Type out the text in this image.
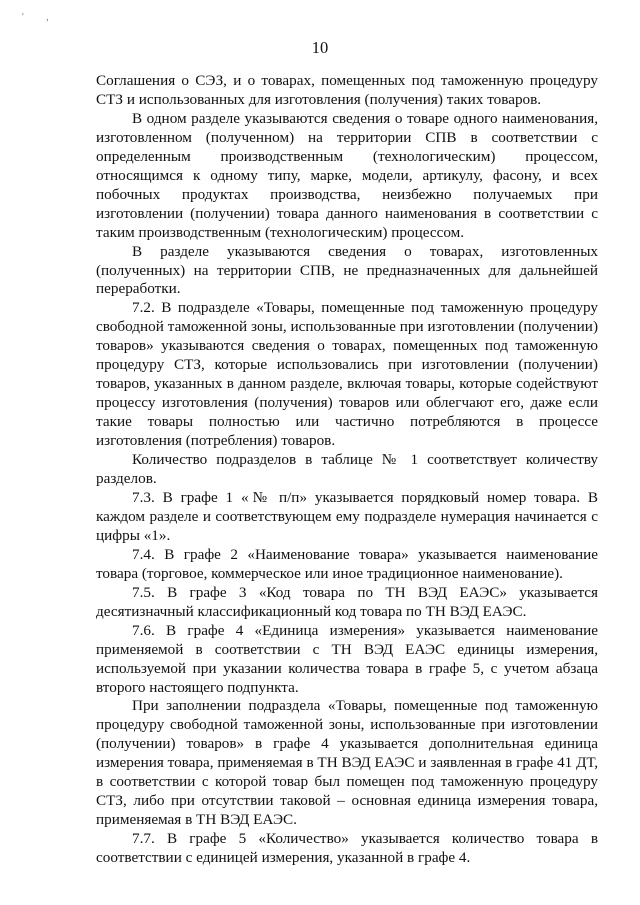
' ,
10

Соглашения о СЭЗ, и о товарах, помещенных под таможенную процедуру СТЗ и использованных для изготовления (получения) таких товаров.

В одном разделе указываются сведения о товаре одного наименования, изготовленном (полученном) на территории СПВ в соответствии с определенным производственным (технологическим) процессом, относящимся к одному типу, марке, модели, артикулу, фасону, и всех побочных продуктах производства, неизбежно получаемых при изготовлении (получении) товара данного наименования в соответствии с таким производственным (технологическим) процессом.

В разделе указываются сведения о товарах, изготовленных (полученных) на территории СПВ, не предназначенных для дальнейшей переработки.

7.2. В подразделе «Товары, помещенные под таможенную процедуру свободной таможенной зоны, использованные при изготовлении (получении) товаров» указываются сведения о товарах, помещенных под таможенную процедуру СТЗ, которые использовались при изготовлении (получении) товаров, указанных в данном разделе, включая товары, которые содействуют процессу изготовления (получения) товаров или облегчают его, даже если такие товары полностью или частично потребляются в процессе изготовления (потребления) товаров.

Количество подразделов в таблице № 1 соответствует количеству разделов.

7.3. В графе 1 «№ п/п» указывается порядковый номер товара. В каждом разделе и соответствующем ему подразделе нумерация начинается с цифры «1».

7.4. В графе 2 «Наименование товара» указывается наименование товара (торговое, коммерческое или иное традиционное наименование).

7.5. В графе 3 «Код товара по ТН ВЭД ЕАЭС» указывается десятизначный классификационный код товара по ТН ВЭД ЕАЭС.

7.6. В графе 4 «Единица измерения» указывается наименование применяемой в соответствии с ТН ВЭД ЕАЭС единицы измерения, используемой при указании количества товара в графе 5, с учетом абзаца второго настоящего подпункта.

При заполнении подраздела «Товары, помещенные под таможенную процедуру свободной таможенной зоны, использованные при изготовлении (получении) товаров» в графе 4 указывается дополнительная единица измерения товара, применяемая в ТН ВЭД ЕАЭС и заявленная в графе 41 ДТ, в соответствии с которой товар был помещен под таможенную процедуру СТЗ, либо при отсутствии таковой – основная единица измерения товара, применяемая в ТН ВЭД ЕАЭС.

7.7. В графе 5 «Количество» указывается количество товара в соответствии с единицей измерения, указанной в графе 4.
